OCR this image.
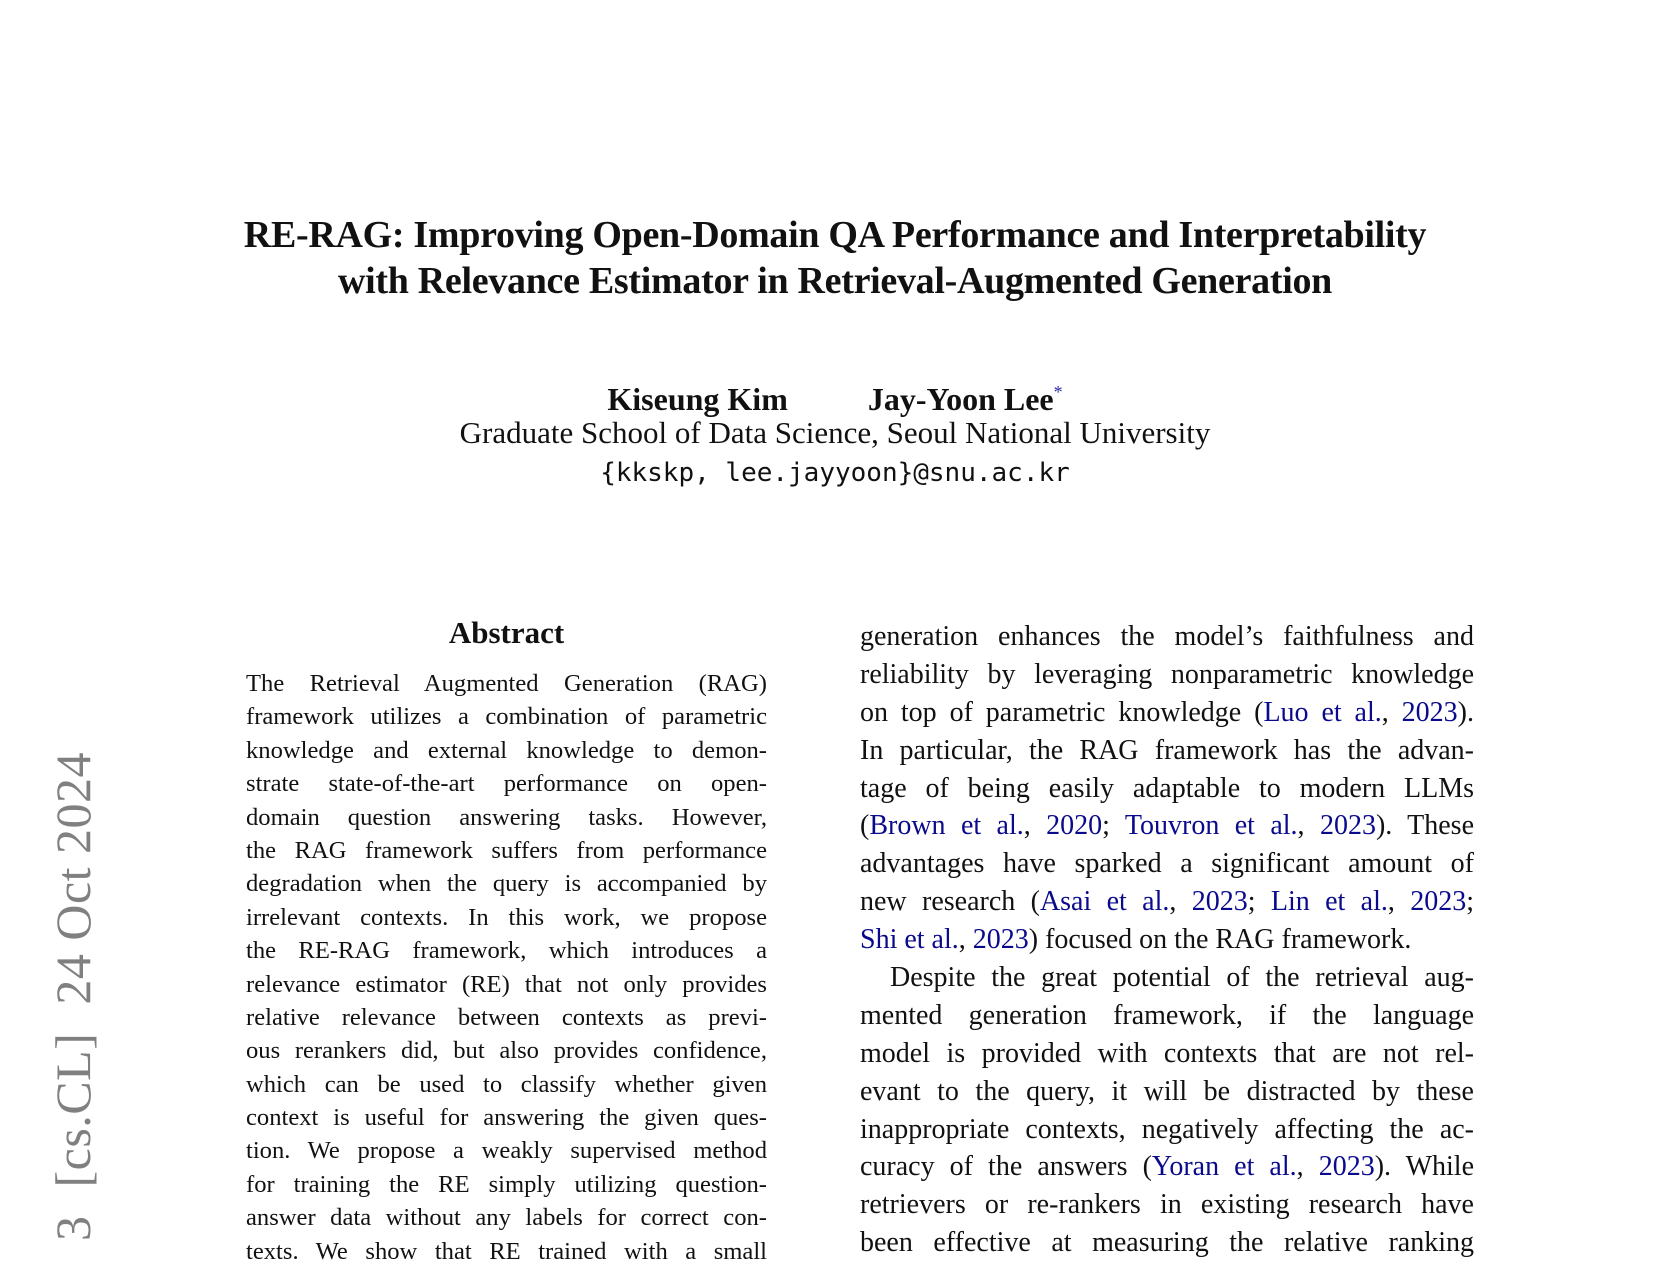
3[cs.CL]24 Oct 2024
RE-RAG: Improving Open-Domain QA Performance and Interpretability
with Relevance Estimator in Retrieval-Augmented Generation
Kiseung Kim	Jay-Yoon Lee*
Graduate School of Data Science, Seoul National University
{kkskp, lee.jayyoon}@snu.ac.kr
Abstract
The Retrieval Augmented Generation (RAG)
framework utilizes a combination of parametric
knowledge and external knowledge to demon-
strate state-of-the-art performance on open-
domain question answering tasks. However,
the RAG framework suffers from performance
degradation when the query is accompanied by
irrelevant contexts. In this work, we propose
the RE-RAG framework, which introduces a
relevance estimator (RE) that not only provides
relative relevance between contexts as previ-
ous rerankers did, but also provides confidence,
which can be used to classify whether given
context is useful for answering the given ques-
tion. We propose a weakly supervised method
for training the RE simply utilizing question-
answer data without any labels for correct con-
texts. We show that RE trained with a small
generation enhances the model’s faithfulness and
reliability by leveraging nonparametric knowledge
on top of parametric knowledge (Luo et al., 2023).
In particular, the RAG framework has the advan-
tage of being easily adaptable to modern LLMs
(Brown et al., 2020; Touvron et al., 2023). These
advantages have sparked a significant amount of
new research (Asai et al., 2023; Lin et al., 2023;
Shi et al., 2023) focused on the RAG framework.
Despite the great potential of the retrieval aug-
mented generation framework, if the language
model is provided with contexts that are not rel-
evant to the query, it will be distracted by these
inappropriate contexts, negatively affecting the ac-
curacy of the answers (Yoran et al., 2023). While
retrievers or re-rankers in existing research have
been effective at measuring the relative ranking
